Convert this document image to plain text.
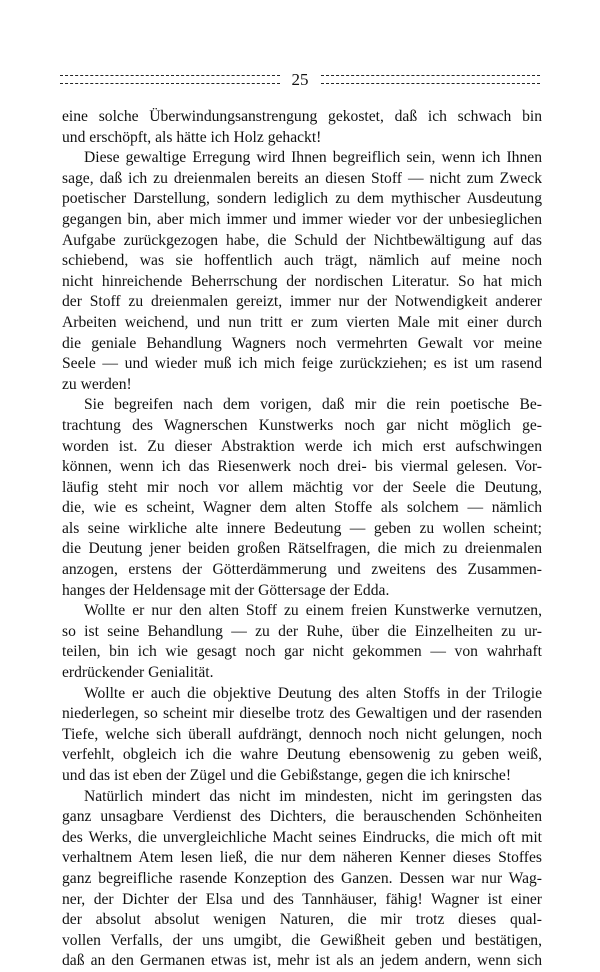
25
eine solche Überwindungsanstrengung gekostet, daß ich schwach bin
und erschöpft, als hätte ich Holz gehackt!
Diese gewaltige Erregung wird Ihnen begreiflich sein, wenn ich Ihnen
sage, daß ich zu dreienmalen bereits an diesen Stoff — nicht zum Zweck
poetischer Darstellung, sondern lediglich zu dem mythischer Ausdeutung
gegangen bin, aber mich immer und immer wieder vor der unbesieglichen
Aufgabe zurückgezogen habe, die Schuld der Nichtbewältigung auf das
schiebend, was sie hoffentlich auch trägt, nämlich auf meine noch
nicht hinreichende Beherrschung der nordischen Literatur. So hat mich
der Stoff zu dreienmalen gereizt, immer nur der Notwendigkeit anderer
Arbeiten weichend, und nun tritt er zum vierten Male mit einer durch
die geniale Behandlung Wagners noch vermehrten Gewalt vor meine
Seele — und wieder muß ich mich feige zurückziehen; es ist um rasend
zu werden!
Sie begreifen nach dem vorigen, daß mir die rein poetische Be-
trachtung des Wagnerschen Kunstwerks noch gar nicht möglich ge-
worden ist. Zu dieser Abstraktion werde ich mich erst aufschwingen
können, wenn ich das Riesenwerk noch drei- bis viermal gelesen. Vor-
läufig steht mir noch vor allem mächtig vor der Seele die Deutung,
die, wie es scheint, Wagner dem alten Stoffe als solchem — nämlich
als seine wirkliche alte innere Bedeutung — geben zu wollen scheint;
die Deutung jener beiden großen Rätselfragen, die mich zu dreienmalen
anzogen, erstens der Götterdämmerung und zweitens des Zusammen-
hanges der Heldensage mit der Göttersage der Edda.
Wollte er nur den alten Stoff zu einem freien Kunstwerke vernutzen,
so ist seine Behandlung — zu der Ruhe, über die Einzelheiten zu ur-
teilen, bin ich wie gesagt noch gar nicht gekommen — von wahrhaft
erdrückender Genialität.
Wollte er auch die objektive Deutung des alten Stoffs in der Trilogie
niederlegen, so scheint mir dieselbe trotz des Gewaltigen und der rasenden
Tiefe, welche sich überall aufdrängt, dennoch noch nicht gelungen, noch
verfehlt, obgleich ich die wahre Deutung ebensowenig zu geben weiß,
und das ist eben der Zügel und die Gebißstange, gegen die ich knirsche!
Natürlich mindert das nicht im mindesten, nicht im geringsten das
ganz unsagbare Verdienst des Dichters, die berauschenden Schönheiten
des Werks, die unvergleichliche Macht seines Eindrucks, die mich oft mit
verhaltnem Atem lesen ließ, die nur dem näheren Kenner dieses Stoffes
ganz begreifliche rasende Konzeption des Ganzen. Dessen war nur Wag-
ner, der Dichter der Elsa und des Tannhäuser, fähig! Wagner ist einer
der absolut absolut wenigen Naturen, die mir trotz dieses qual-
vollen Verfalls, der uns umgibt, die Gewißheit geben und bestätigen,
daß an den Germanen etwas ist, mehr ist als an jedem andern, wenn sich
